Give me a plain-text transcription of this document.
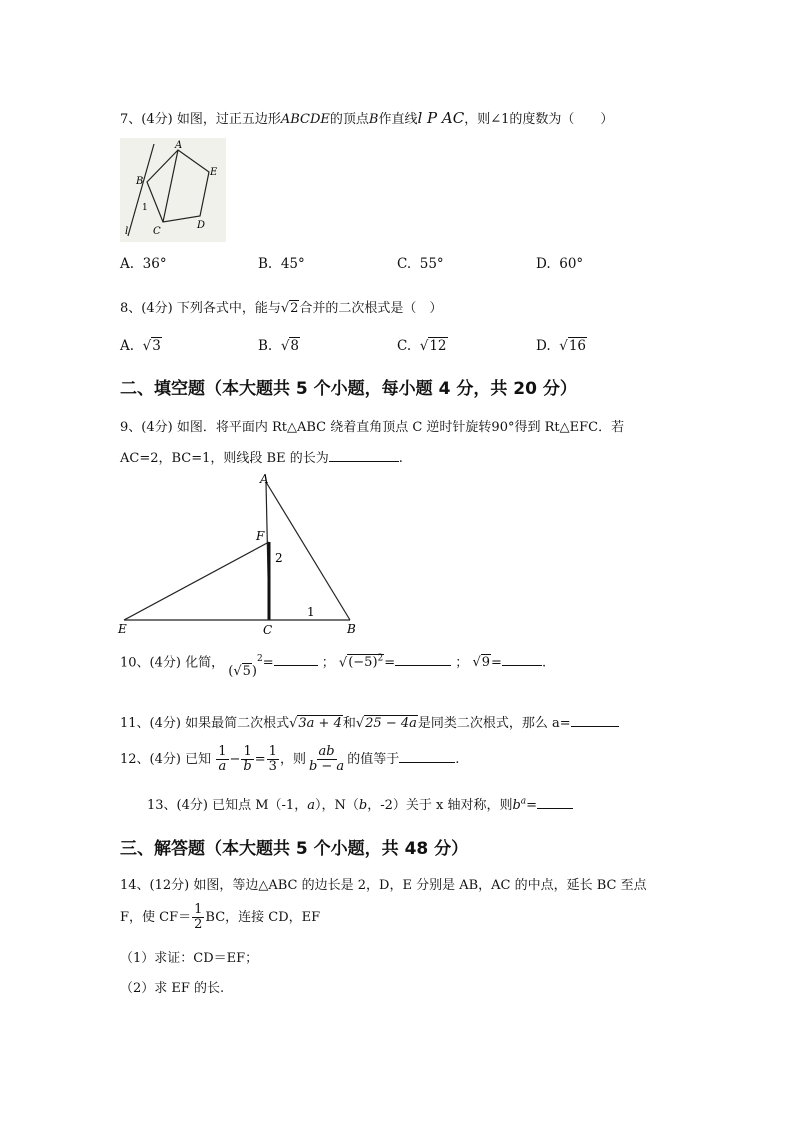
7、(4分) 如图，过正五边形ABCDE的顶点B作直线l P AC，则∠1的度数为（　　）
A
B
C
D
E
1
l
A. 36°	B. 45°	C. 55°	D. 60°
8、(4分) 下列各式中，能与√2合并的二次根式是（　）
A. √3	B. √8	C. √12	D. √16
二、填空题（本大题共 5 个小题，每小题 4 分，共 20 分）
9、(4分) 如图．将平面内 Rt△ABC 绕着直角顶点 C 逆时针旋转90°得到 Rt△EFC．若
AC=2，BC=1，则线段 BE 的长为	.
A
F
E	C	B
2
1
10、(4分) 化简， $(√5)^2=$	； $√(-5)^2=$	； √9=	.
11、(4分) 如果最简二次根式√3a + 4和√25 − 4a是同类二次根式，那么 a=
12、(4分) 已知 $\frac{1}{a} - \frac{1}{b} = \frac{1}{3}$ ，则 $\frac{ab}{b - a}$ 的值等于	.
13、(4分) 已知点 M（-1，a），N（b，-2）关于 x 轴对称，则$b^a=$
三、解答题（本大题共 5 个小题，共 48 分）
14、(12分) 如图，等边△ABC 的边长是 2，D，E 分别是 AB，AC 的中点，延长 BC 至点
F，使 $CF= \frac{1}{2}$ BC，连接 CD，EF
（1）求证：CD＝EF；
（2）求 EF 的长.
